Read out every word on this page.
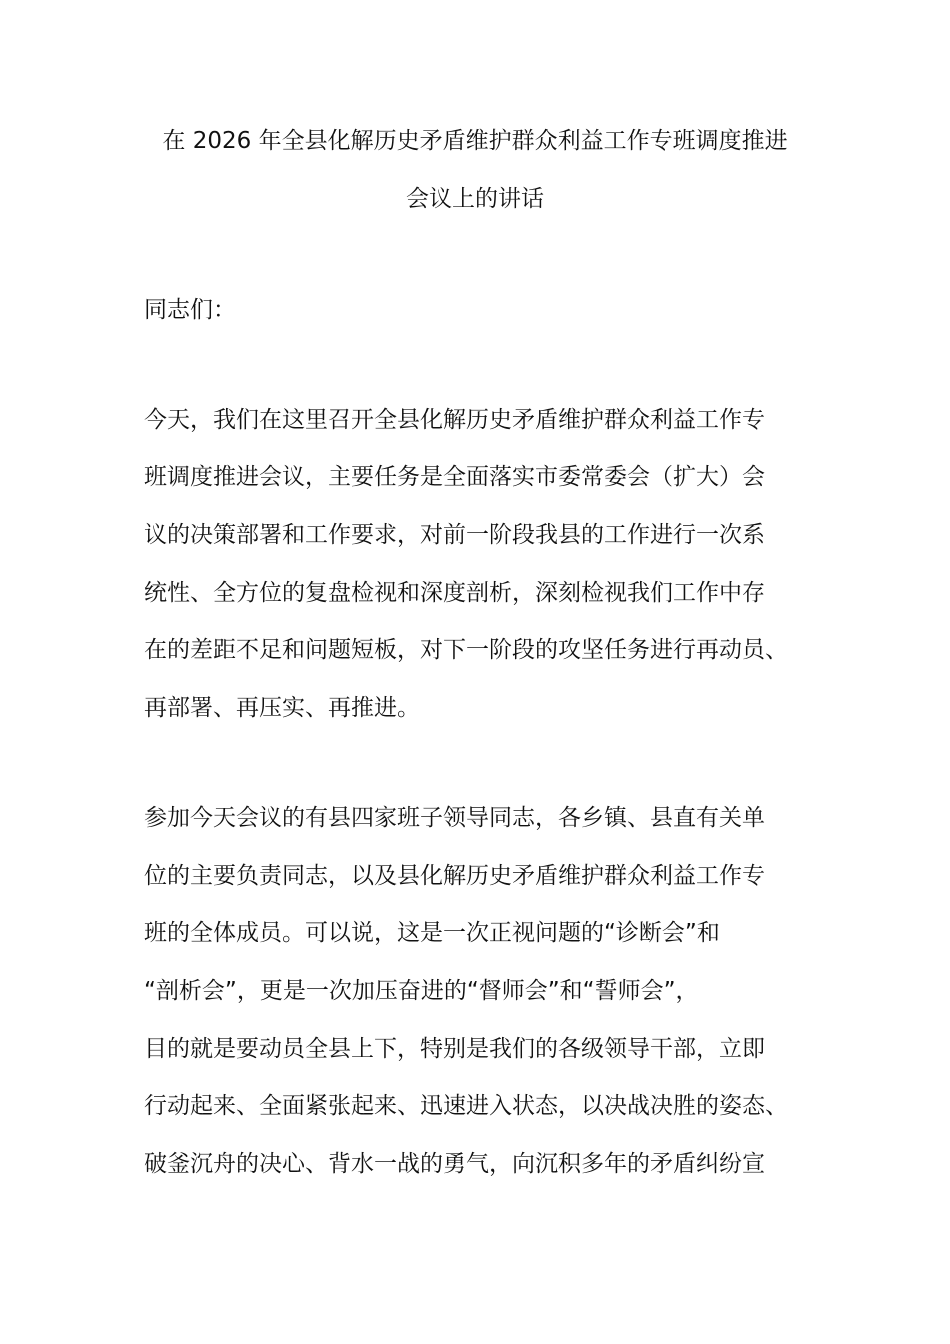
在 2026 年全县化解历史矛盾维护群众利益工作专班调度推进
会议上的讲话
同志们：
今天，我们在这里召开全县化解历史矛盾维护群众利益工作专
班调度推进会议，主要任务是全面落实市委常委会（扩大）会
议的决策部署和工作要求，对前一阶段我县的工作进行一次系
统性、全方位的复盘检视和深度剖析，深刻检视我们工作中存
在的差距不足和问题短板，对下一阶段的攻坚任务进行再动员、
再部署、再压实、再推进。
参加今天会议的有县四家班子领导同志，各乡镇、县直有关单
位的主要负责同志，以及县化解历史矛盾维护群众利益工作专
班的全体成员。可以说，这是一次正视问题的“诊断会”和
“剖析会”，更是一次加压奋进的“督师会”和“誓师会”，
目的就是要动员全县上下，特别是我们的各级领导干部，立即
行动起来、全面紧张起来、迅速进入状态，以决战决胜的姿态、
破釜沉舟的决心、背水一战的勇气，向沉积多年的矛盾纠纷宣
